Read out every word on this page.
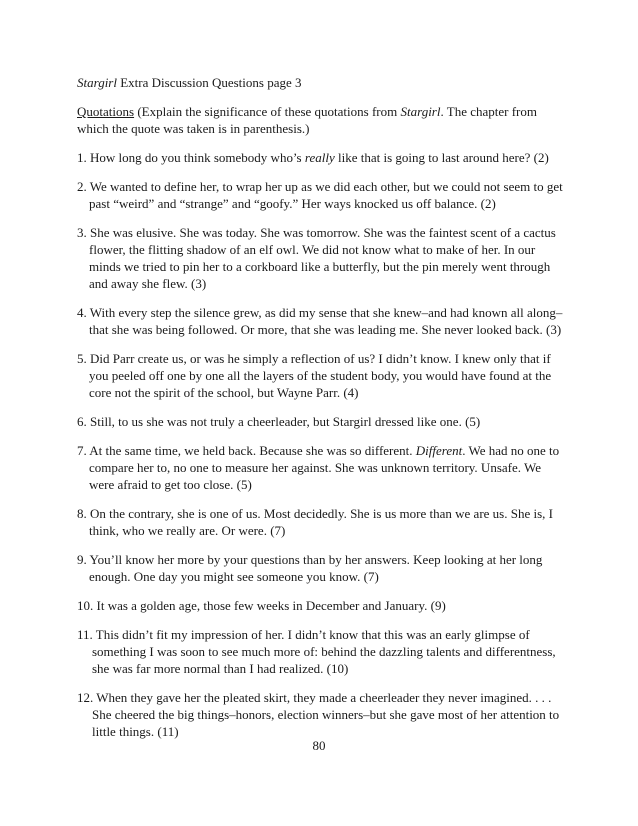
Stargirl Extra Discussion Questions page 3

Quotations (Explain the significance of these quotations from Stargirl. The chapter from which the quote was taken is in parenthesis.)

1. How long do you think somebody who’s really like that is going to last around here? (2)

2. We wanted to define her, to wrap her up as we did each other, but we could not seem to get past “weird” and “strange” and “goofy.” Her ways knocked us off balance. (2)

3. She was elusive. She was today. She was tomorrow. She was the faintest scent of a cactus flower, the flitting shadow of an elf owl. We did not know what to make of her. In our minds we tried to pin her to a corkboard like a butterfly, but the pin merely went through and away she flew. (3)

4. With every step the silence grew, as did my sense that she knew–and had known all along–that she was being followed. Or more, that she was leading me. She never looked back. (3)

5. Did Parr create us, or was he simply a reflection of us? I didn’t know. I knew only that if you peeled off one by one all the layers of the student body, you would have found at the core not the spirit of the school, but Wayne Parr. (4)

6. Still, to us she was not truly a cheerleader, but Stargirl dressed like one. (5)

7. At the same time, we held back. Because she was so different. Different. We had no one to compare her to, no one to measure her against. She was unknown territory. Unsafe. We were afraid to get too close. (5)

8. On the contrary, she is one of us. Most decidedly. She is us more than we are us. She is, I think, who we really are. Or were. (7)

9. You’ll know her more by your questions than by her answers. Keep looking at her long enough. One day you might see someone you know. (7)

10. It was a golden age, those few weeks in December and January. (9)

11. This didn’t fit my impression of her. I didn’t know that this was an early glimpse of something I was soon to see much more of: behind the dazzling talents and differentness, she was far more normal than I had realized. (10)

12. When they gave her the pleated skirt, they made a cheerleader they never imagined. . . . She cheered the big things–honors, election winners–but she gave most of her attention to little things. (11)

80
